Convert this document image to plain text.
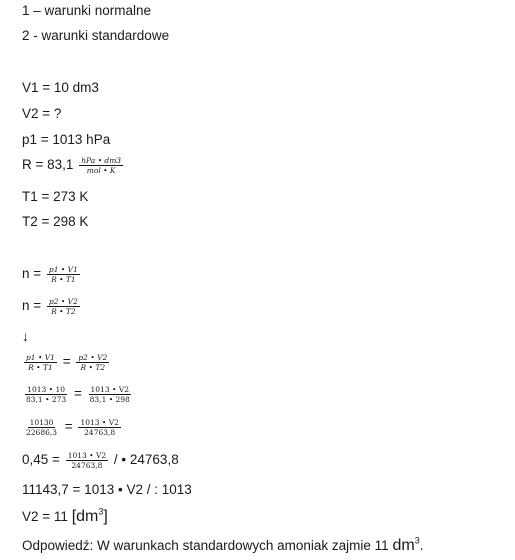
1 – warunki normalne
2 - warunki standardowe
V1 = 10 dm3
V2 = ?
p1 = 1013 hPa
$R = 83,1 \frac{\text{hPa • dm3}}{\text{mol • K}}$
T1 = 273 K
T2 = 298 K
$n = \frac{p1 • V1}{R • T1}$
$n = \frac{p2 • V2}{R • T2}$
↓
$\frac{p1 • V1}{R • T1} = \frac{p2 • V2}{R • T2}$
$\frac{1013 • 10}{83,1 • 273} = \frac{1013 • V2}{83,1 • 298}$
$\frac{10130}{22686,3} = \frac{1013 • V2}{24763,8}$
$0,45 = \frac{1013 • V2}{24763,8}$ / • 24763,8
11143,7 = 1013 • V2 / : 1013
V2 = 11 $[dm^3]$
Odpowiedź: W warunkach standardowych amoniak zajmie 11 $dm^3$.
